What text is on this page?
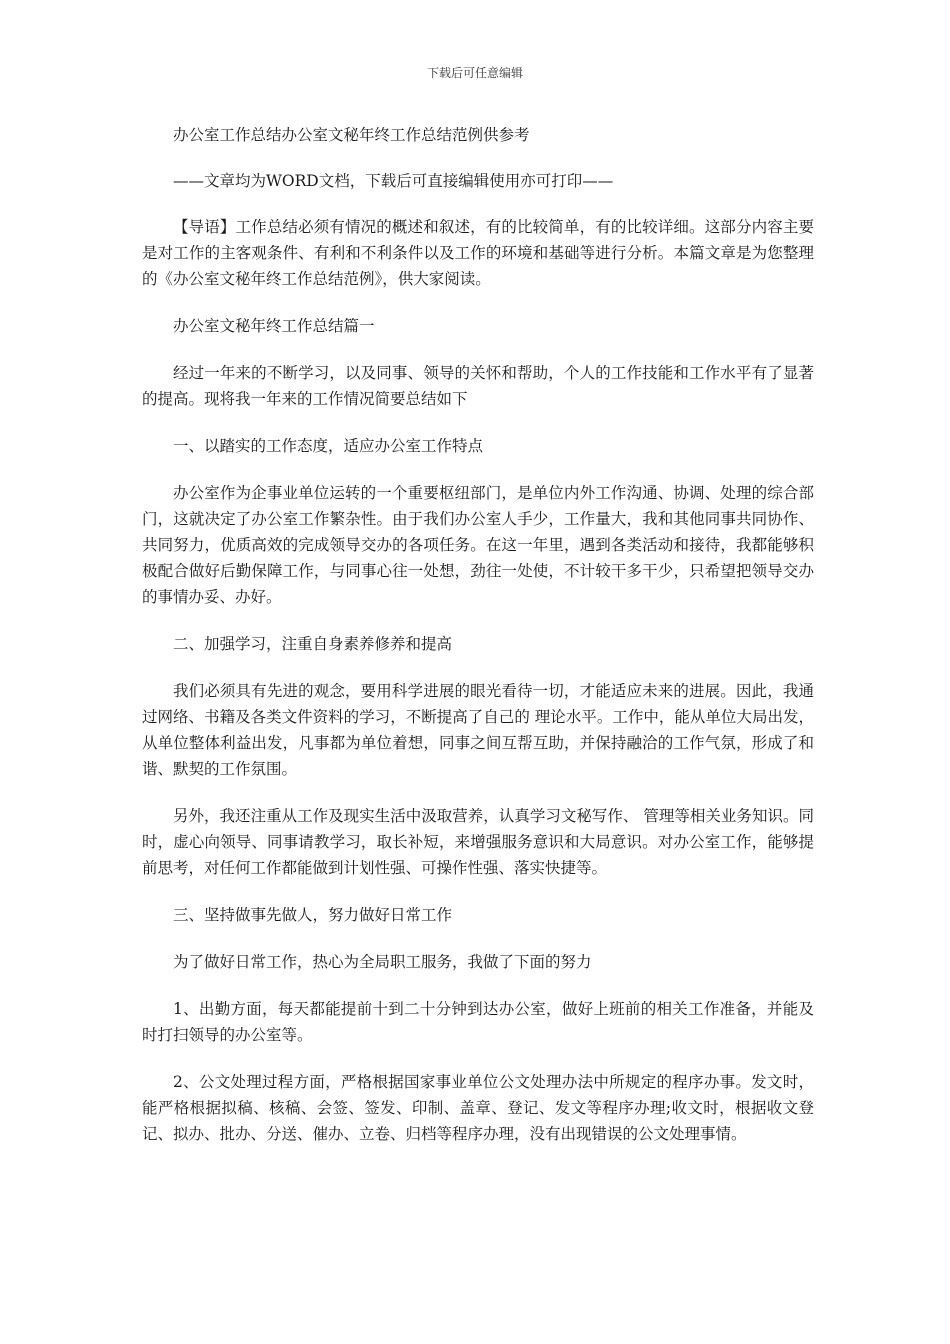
下载后可任意编辑

办公室工作总结办公室文秘年终工作总结范例供参考

——文章均为WORD文档，下载后可直接编辑使用亦可打印——

【导语】工作总结必须有情况的概述和叙述，有的比较简单，有的比较详细。这部分内容主要是对工作的主客观条件、有利和不利条件以及工作的环境和基础等进行分析。本篇文章是为您整理的《办公室文秘年终工作总结范例》，供大家阅读。

办公室文秘年终工作总结篇一

经过一年来的不断学习，以及同事、领导的关怀和帮助，个人的工作技能和工作水平有了显著的提高。现将我一年来的工作情况简要总结如下

一、以踏实的工作态度，适应办公室工作特点

办公室作为企事业单位运转的一个重要枢纽部门，是单位内外工作沟通、协调、处理的综合部门，这就决定了办公室工作繁杂性。由于我们办公室人手少，工作量大，我和其他同事共同协作、共同努力，优质高效的完成领导交办的各项任务。在这一年里，遇到各类活动和接待，我都能够积极配合做好后勤保障工作，与同事心往一处想，劲往一处使，不计较干多干少，只希望把领导交办的事情办妥、办好。

二、加强学习，注重自身素养修养和提高

我们必须具有先进的观念，要用科学进展的眼光看待一切，才能适应未来的进展。因此，我通过网络、书籍及各类文件资料的学习，不断提高了自己的 理论水平。工作中，能从单位大局出发，从单位整体利益出发，凡事都为单位着想，同事之间互帮互助，并保持融洽的工作气氛，形成了和谐、默契的工作氛围。

另外，我还注重从工作及现实生活中汲取营养，认真学习文秘写作、 管理等相关业务知识。同时，虚心向领导、同事请教学习，取长补短，来增强服务意识和大局意识。对办公室工作，能够提前思考，对任何工作都能做到计划性强、可操作性强、落实快捷等。

三、坚持做事先做人，努力做好日常工作

为了做好日常工作，热心为全局职工服务，我做了下面的努力

1、出勤方面，每天都能提前十到二十分钟到达办公室，做好上班前的相关工作准备，并能及时打扫领导的办公室等。

2、公文处理过程方面，严格根据国家事业单位公文处理办法中所规定的程序办事。发文时，能严格根据拟稿、核稿、会签、签发、印制、盖章、登记、发文等程序办理;收文时，根据收文登记、拟办、批办、分送、催办、立卷、归档等程序办理，没有出现错误的公文处理事情。
